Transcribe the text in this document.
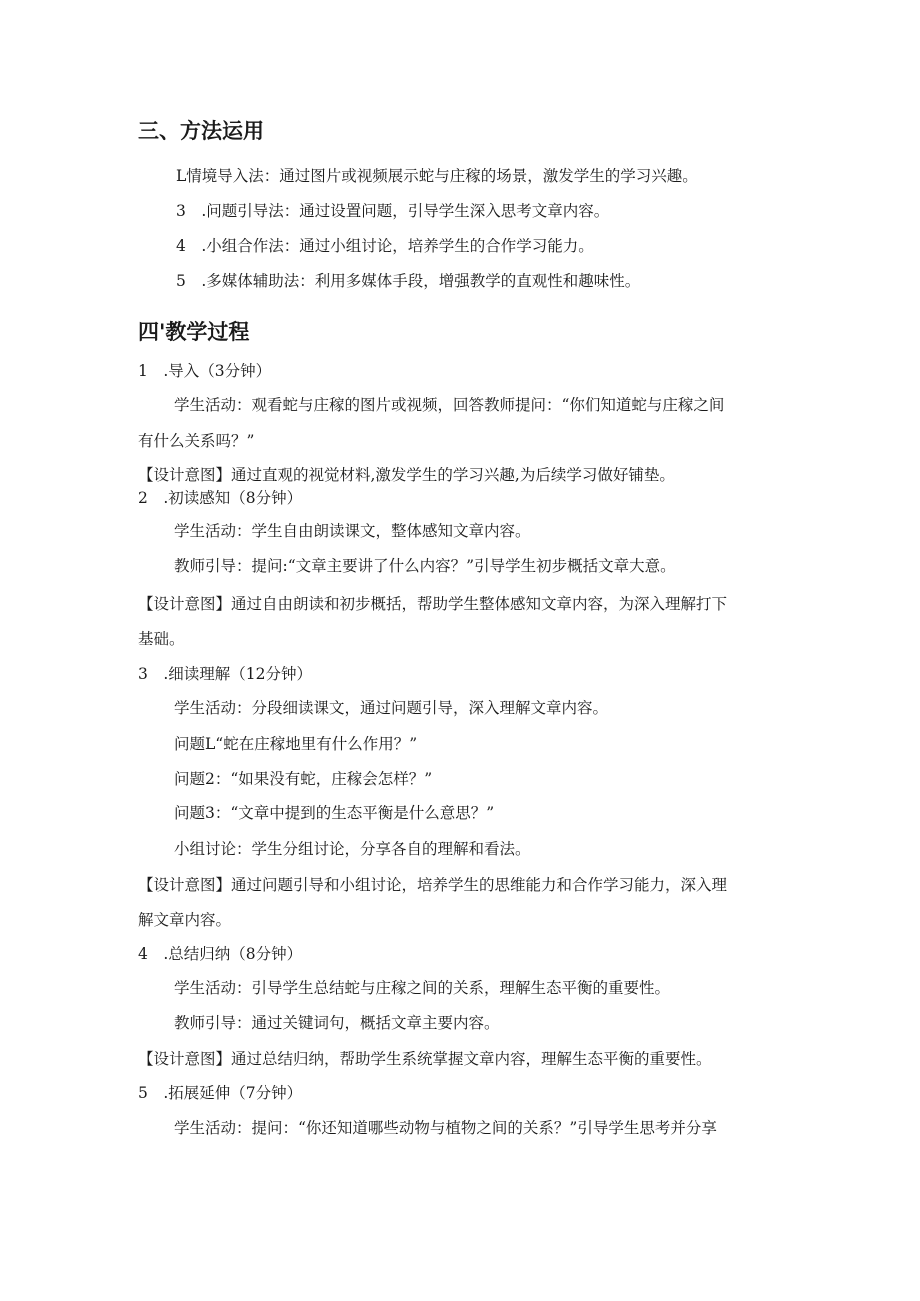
三、方法运用
L情境导入法：通过图片或视频展示蛇与庄稼的场景，激发学生的学习兴趣。
3　.问题引导法：通过设置问题，引导学生深入思考文章内容。
4　.小组合作法：通过小组讨论，培养学生的合作学习能力。
5　.多媒体辅助法：利用多媒体手段，增强教学的直观性和趣味性。
四'教学过程
1　.导入（3分钟）
学生活动：观看蛇与庄稼的图片或视频，回答教师提问：“你们知道蛇与庄稼之间
有什么关系吗？”
【设计意图】通过直观的视觉材料,激发学生的学习兴趣,为后续学习做好铺垫。
2　.初读感知（8分钟）
学生活动：学生自由朗读课文，整体感知文章内容。
教师引导：提问:“文章主要讲了什么内容？”引导学生初步概括文章大意。
【设计意图】通过自由朗读和初步概括，帮助学生整体感知文章内容，为深入理解打下
基础。
3　.细读理解（12分钟）
学生活动：分段细读课文，通过问题引导，深入理解文章内容。
问题L“蛇在庄稼地里有什么作用？”
问题2：“如果没有蛇，庄稼会怎样？”
问题3：“文章中提到的生态平衡是什么意思？”
小组讨论：学生分组讨论，分享各自的理解和看法。
【设计意图】通过问题引导和小组讨论，培养学生的思维能力和合作学习能力，深入理
解文章内容。
4　.总结归纳（8分钟）
学生活动：引导学生总结蛇与庄稼之间的关系，理解生态平衡的重要性。
教师引导：通过关键词句，概括文章主要内容。
【设计意图】通过总结归纳，帮助学生系统掌握文章内容，理解生态平衡的重要性。
5　.拓展延伸（7分钟）
学生活动：提问：“你还知道哪些动物与植物之间的关系？”引导学生思考并分享
